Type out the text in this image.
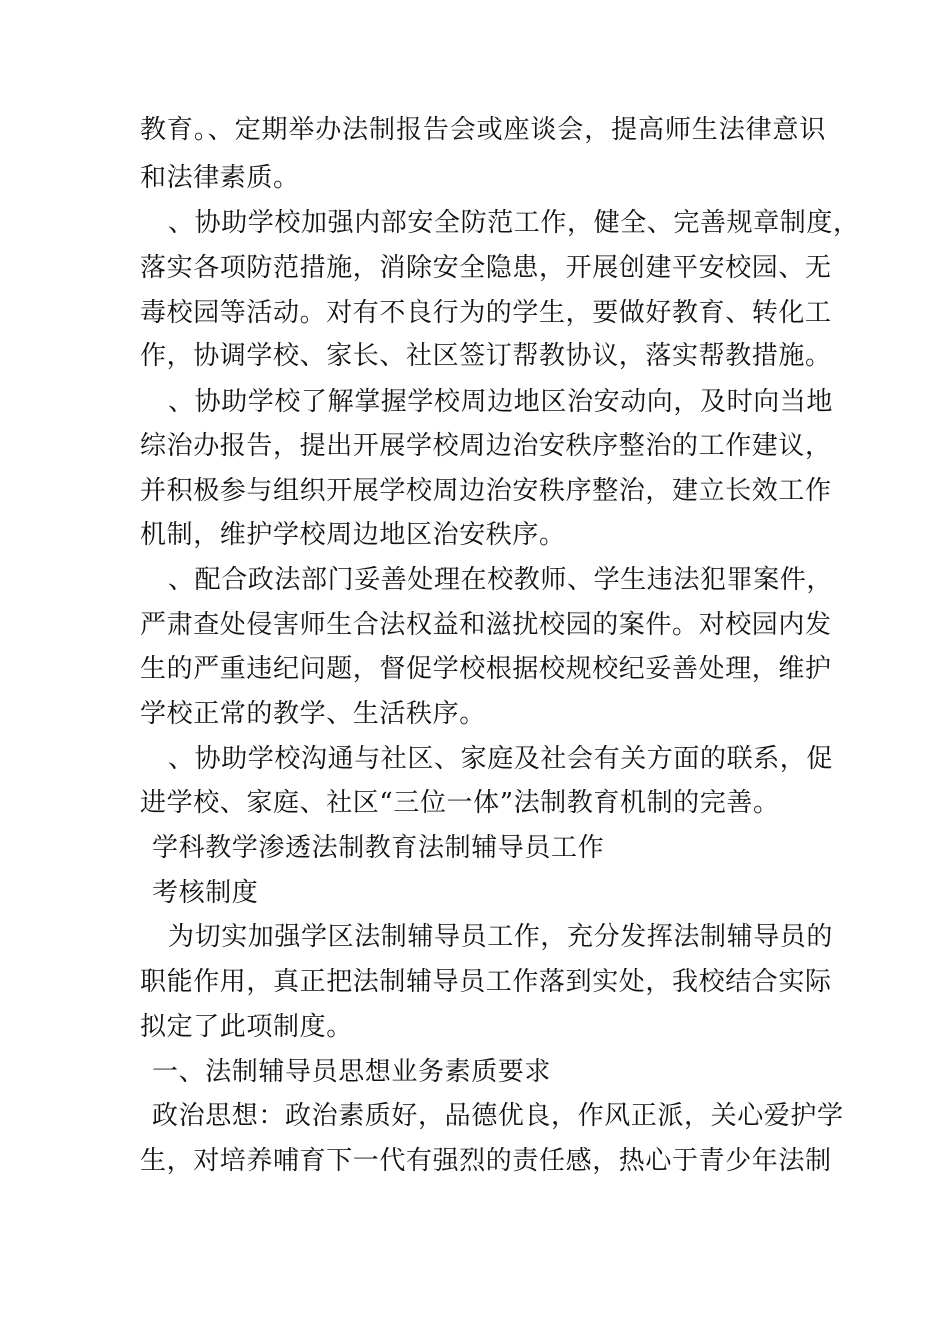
教育。、定期举办法制报告会或座谈会，提高师生法律意识
和法律素质。
、协助学校加强内部安全防范工作，健全、完善规章制度，
落实各项防范措施，消除安全隐患，开展创建平安校园、无
毒校园等活动。对有不良行为的学生，要做好教育、转化工
作，协调学校、家长、社区签订帮教协议，落实帮教措施。
、协助学校了解掌握学校周边地区治安动向，及时向当地
综治办报告，提出开展学校周边治安秩序整治的工作建议，
并积极参与组织开展学校周边治安秩序整治，建立长效工作
机制，维护学校周边地区治安秩序。
、配合政法部门妥善处理在校教师、学生违法犯罪案件，
严肃查处侵害师生合法权益和滋扰校园的案件。对校园内发
生的严重违纪问题，督促学校根据校规校纪妥善处理，维护
学校正常的教学、生活秩序。
、协助学校沟通与社区、家庭及社会有关方面的联系，促
进学校、家庭、社区“三位一体”法制教育机制的完善。
学科教学渗透法制教育法制辅导员工作
考核制度
为切实加强学区法制辅导员工作，充分发挥法制辅导员的
职能作用，真正把法制辅导员工作落到实处，我校结合实际
拟定了此项制度。
一、法制辅导员思想业务素质要求
政治思想：政治素质好，品德优良，作风正派，关心爱护学
生，对培养哺育下一代有强烈的责任感，热心于青少年法制
